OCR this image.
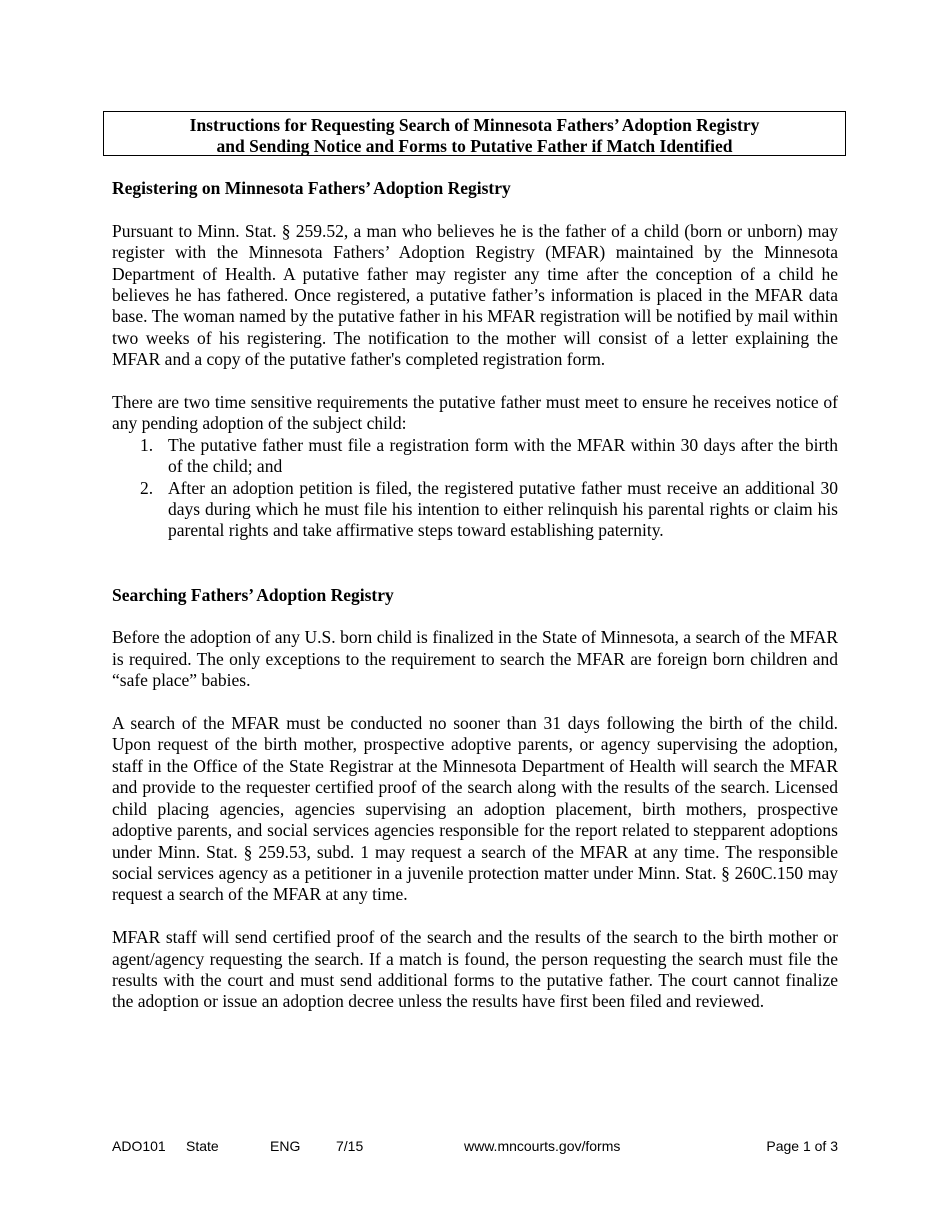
Instructions for Requesting Search of Minnesota Fathers’ Adoption Registry
and Sending Notice and Forms to Putative Father if Match Identified
Registering on Minnesota Fathers’ Adoption Registry

Pursuant to Minn. Stat. § 259.52, a man who believes he is the father of a child (born or unborn) may register with the Minnesota Fathers’ Adoption Registry (MFAR) maintained by the Minnesota Department of Health. A putative father may register any time after the conception of a child he believes he has fathered. Once registered, a putative father’s information is placed in the MFAR data base. The woman named by the putative father in his MFAR registration will be notified by mail within two weeks of his registering. The notification to the mother will consist of a letter explaining the MFAR and a copy of the putative father's completed registration form.

There are two time sensitive requirements the putative father must meet to ensure he receives notice of any pending adoption of the subject child:

1. The putative father must file a registration form with the MFAR within 30 days after the birth of the child; and
2. After an adoption petition is filed, the registered putative father must receive an additional 30 days during which he must file his intention to either relinquish his parental rights or claim his parental rights and take affirmative steps toward establishing paternity.
Searching Fathers’ Adoption Registry

Before the adoption of any U.S. born child is finalized in the State of Minnesota, a search of the MFAR is required. The only exceptions to the requirement to search the MFAR are foreign born children and “safe place” babies.

A search of the MFAR must be conducted no sooner than 31 days following the birth of the child. Upon request of the birth mother, prospective adoptive parents, or agency supervising the adoption, staff in the Office of the State Registrar at the Minnesota Department of Health will search the MFAR and provide to the requester certified proof of the search along with the results of the search. Licensed child placing agencies, agencies supervising an adoption placement, birth mothers, prospective adoptive parents, and social services agencies responsible for the report related to stepparent adoptions under Minn. Stat. § 259.53, subd. 1 may request a search of the MFAR at any time. The responsible social services agency as a petitioner in a juvenile protection matter under Minn. Stat. § 260C.150 may request a search of the MFAR at any time.

MFAR staff will send certified proof of the search and the results of the search to the birth mother or agent/agency requesting the search. If a match is found, the person requesting the search must file the results with the court and must send additional forms to the putative father. The court cannot finalize the adoption or issue an adoption decree unless the results have first been filed and reviewed.

ADO101 State	ENG	7/15	www.mncourts.gov/forms	Page 1 of 3
